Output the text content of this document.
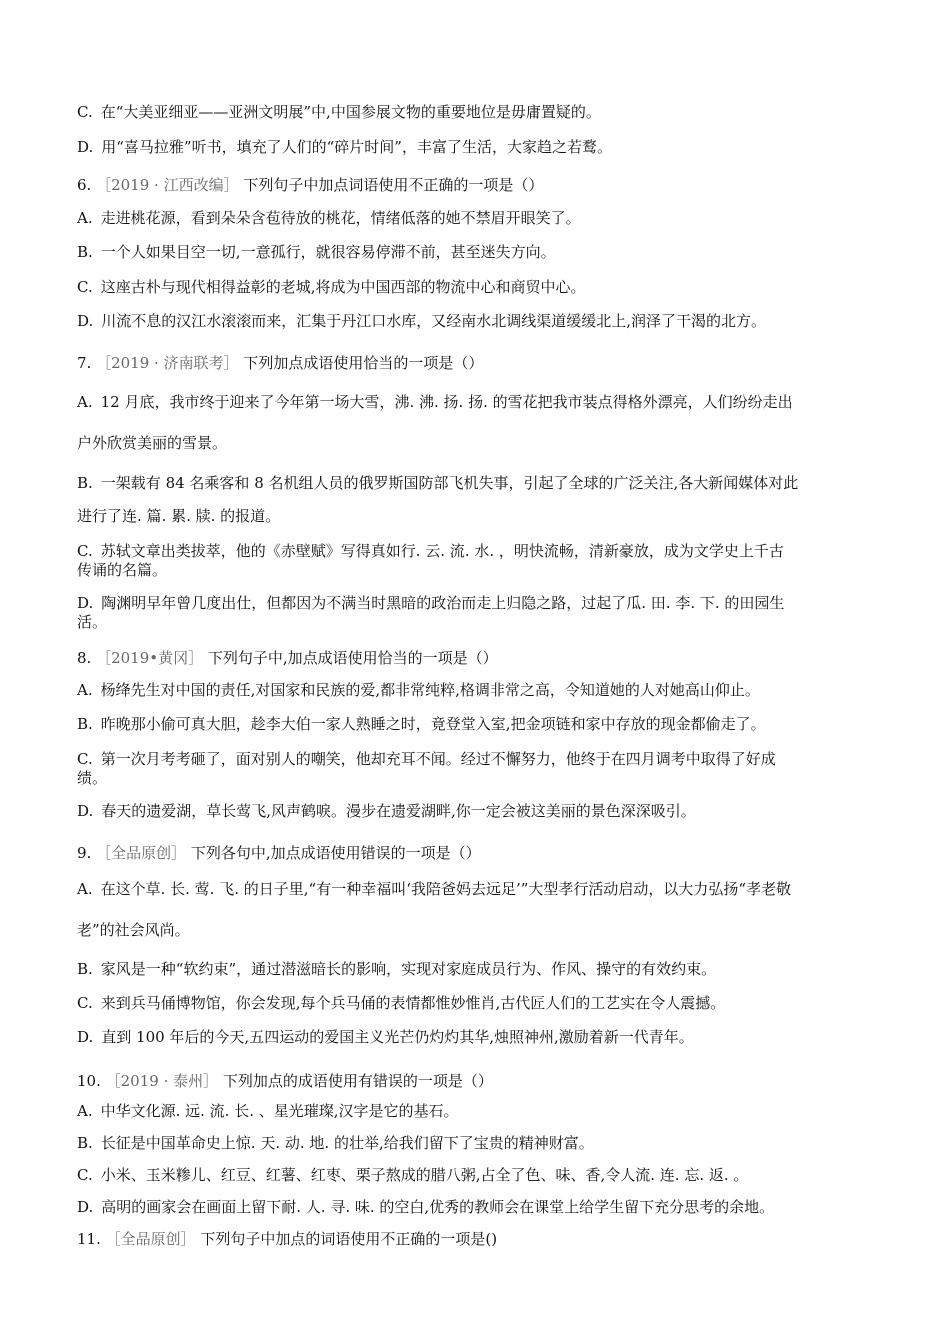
C. 在“大美亚细亚——亚洲文明展”中,中国参展文物的重要地位是毋庸置疑的。
D. 用“喜马拉雅”听书，填充了人们的“碎片时间”，丰富了生活，大家趋之若鹜。
6. ［2019 · 江西改编］ 下列句子中加点词语使用不正确的一项是（）
A. 走进桃花源，看到朵朵含苞待放的桃花，情绪低落的她不禁眉开眼笑了。
B. 一个人如果目空一切,一意孤行，就很容易停滞不前，甚至迷失方向。
C. 这座古朴与现代相得益彰的老城,将成为中国西部的物流中心和商贸中心。
D. 川流不息的汉江水滚滚而来，汇集于丹江口水库，又经南水北调线渠道缓缓北上,润泽了干渴的北方。
7. ［2019 · 济南联考］ 下列加点成语使用恰当的一项是（）
A. 12 月底，我市终于迎来了今年第一场大雪，沸. 沸. 扬. 扬. 的雪花把我市装点得格外漂亮，人们纷纷走出
户外欣赏美丽的雪景。
B. 一架载有 84 名乘客和 8 名机组人员的俄罗斯国防部飞机失事，引起了全球的广泛关注,各大新闻媒体对此
进行了连. 篇. 累. 牍. 的报道。
C. 苏轼文章出类拔萃，他的《赤壁赋》写得真如行. 云. 流. 水. ，明快流畅，清新豪放，成为文学史上千古
传诵的名篇。
D. 陶渊明早年曾几度出仕，但都因为不满当时黑暗的政治而走上归隐之路，过起了瓜. 田. 李. 下. 的田园生
活。
8. ［2019•黄冈］ 下列句子中,加点成语使用恰当的一项是（）
A. 杨绛先生对中国的责任,对国家和民族的爱,都非常纯粹,格调非常之高，令知道她的人对她高山仰止。
B. 昨晚那小偷可真大胆，趁李大伯一家人熟睡之时，竟登堂入室,把金项链和家中存放的现金都偷走了。
C. 第一次月考考砸了，面对别人的嘲笑，他却充耳不闻。经过不懈努力，他终于在四月调考中取得了好成
绩。
D. 春天的遗爱湖，草长莺飞,风声鹤唳。漫步在遗爱湖畔,你一定会被这美丽的景色深深吸引。
9. ［全品原创］ 下列各句中,加点成语使用错误的一项是（）
A. 在这个草. 长. 莺. 飞. 的日子里,“有一种幸福叫‘我陪爸妈去远足’”大型孝行活动启动，以大力弘扬“孝老敬
老”的社会风尚。
B. 家风是一种“软约束”，通过潜滋暗长的影响，实现对家庭成员行为、作风、操守的有效约束。
C. 来到兵马俑博物馆，你会发现,每个兵马俑的表情都惟妙惟肖,古代匠人们的工艺实在令人震撼。
D. 直到 100 年后的今天,五四运动的爱国主义光芒仍灼灼其华,烛照神州,激励着新一代青年。
10. ［2019 · 泰州］ 下列加点的成语使用有错误的一项是（）
A. 中华文化源. 远. 流. 长. 、星光璀璨,汉字是它的基石。
B. 长征是中国革命史上惊. 天. 动. 地. 的壮举,给我们留下了宝贵的精神财富。
C. 小米、玉米糁儿、红豆、红薯、红枣、栗子熬成的腊八粥,占全了色、味、香,令人流. 连. 忘. 返. 。
D. 高明的画家会在画面上留下耐. 人. 寻. 味. 的空白,优秀的教师会在课堂上给学生留下充分思考的余地。
11. ［全品原创］ 下列句子中加点的词语使用不正确的一项是()
